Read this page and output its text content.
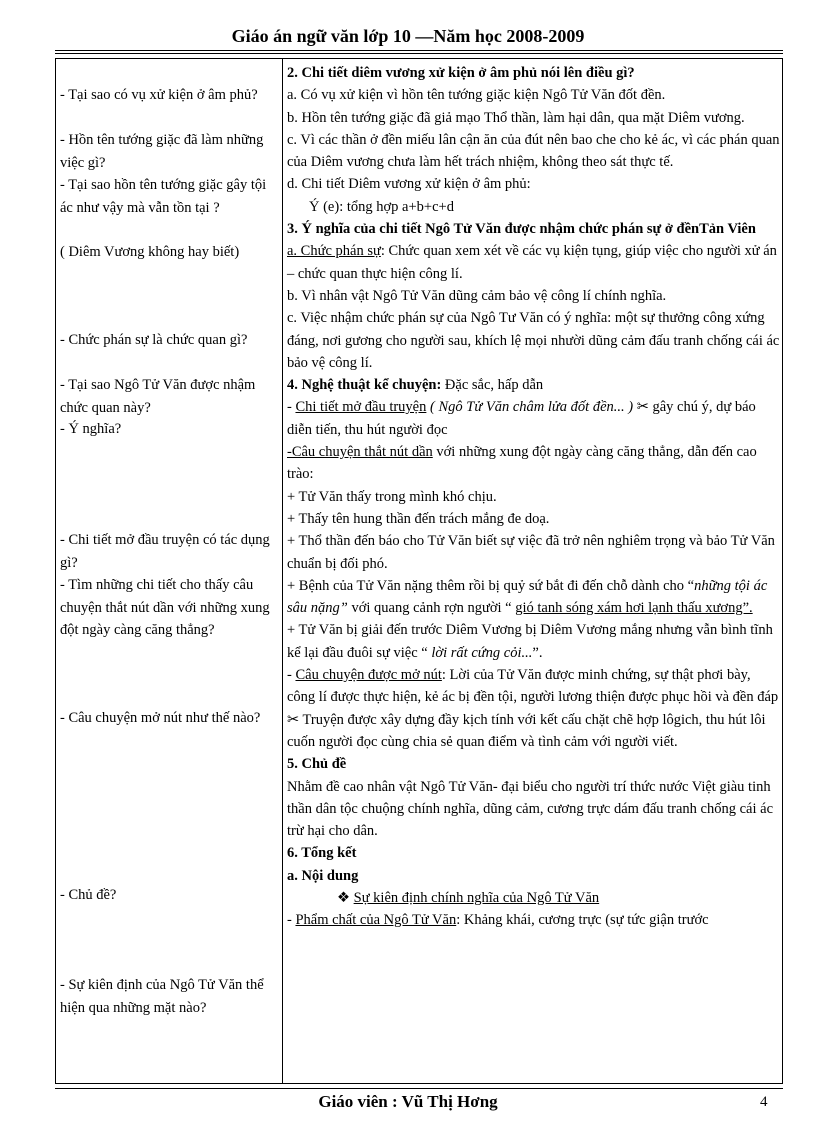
Giáo án ngữ văn lớp 10 —Năm học 2008-2009
- Tại sao có vụ xử kiện ở âm phủ?
- Hồn tên tướng giặc đã làm những việc gì?
- Tại sao hồn tên tướng giặc gây tội ác như vậy mà vẫn tồn tại ?
( Diêm Vương không hay biết)
- Chức phán sự là chức quan gì?
- Tại sao Ngô Tử Văn được nhậm chức quan này?
- Ý nghĩa?
- Chi tiết mở đầu truyện có tác dụng gì?
- Tìm những chi tiết cho thấy câu chuyện thắt nút dần với những xung đột ngày càng căng thẳng?
- Câu chuyện mở nút như thế nào?
- Chủ đề?
- Sự kiên định của Ngô Tử Văn thể hiện qua những mặt nào?

2. Chi tiết diêm vương xử kiện ở âm phủ nói lên điều gì?

a. Có vụ xử kiện vì hồn tên tướng giặc kiện Ngô Tử Văn đốt đền.

b. Hồn tên tướng giặc đã giả mạo Thổ thần, làm hại dân, qua mặt Diêm vương.

c. Vì các thần ở đền miếu lân cận ăn của đút nên bao che cho kẻ ác, vì các phán quan của Diêm vương chưa làm hết trách nhiệm, không theo sát thực tế.

d. Chi tiết Diêm vương xử kiện ở âm phủ:

Ý (e): tổng hợp a+b+c+d

3. Ý nghĩa của chi tiết Ngô Tử Văn được nhậm chức phán sự ở đềnTản Viên

a. Chức phán sự: Chức quan xem xét về các vụ kiện tụng, giúp việc cho người xử án – chức quan thực hiện công lí.

b. Vì nhân vật Ngô Tử Văn dũng cảm bảo vệ công lí chính nghĩa.

c. Việc nhậm chức phán sự của Ngô Tư Văn có ý nghĩa: một sự thưởng công xứng đáng, nơi gương cho người sau, khích lệ mọi nhười dũng cảm đấu tranh chống cái ác bảo vệ công lí.

4. Nghệ thuật kể chuyện: Đặc sắc, hấp dẫn

- Chi tiết mở đầu truyện ( Ngô Tử Văn châm lửa đốt đền... ) ✂ gây chú ý, dự báo diễn tiến, thu hút người đọc

-Câu chuyện thắt nút dần với những xung đột ngày càng căng thẳng, dẫn đến cao trào:

+ Tử Văn thấy trong mình khó chịu.

+ Thấy tên hung thần đến trách mắng đe doạ.

+ Thổ thần đến báo cho Tử Văn biết sự việc đã trở nên nghiêm trọng và bảo Tử Văn chuẩn bị đối phó.

+ Bệnh của Tử Văn nặng thêm rồi bị quỷ sứ bắt đi đến chỗ dành cho “những tội ác sâu nặng” với quang cảnh rợn người “ gió tanh sóng xám hơi lạnh thấu xương”.

+ Tử Văn bị giải đến trước Diêm Vương bị Diêm Vương mắng nhưng vẫn bình tĩnh kể lại đầu đuôi sự việc “ lời rất cứng cỏi...”.

- Câu chuyện được mở nút: Lời của Tử Văn được minh chứng, sự thật phơi bày, công lí được thực hiện, kẻ ác bị đền tội, người lương thiện được phục hồi và đền đáp

✂ Truyện được xây dựng đầy kịch tính với kết cấu chặt chẽ hợp lôgich, thu hút lôi cuốn người đọc cùng chia sẻ quan điểm và tình cảm với người viết.

5. Chủ đề

Nhằm đề cao nhân vật Ngô Tử Văn- đại biểu cho người trí thức nước Việt giàu tinh thần dân tộc chuộng chính nghĩa, dũng cảm, cương trực dám đấu tranh chống cái ác trừ hại cho dân.

6. Tổng kết

a. Nội dung

❖ Sự kiên định chính nghĩa của Ngô Tử Văn

- Phẩm chất của Ngô Tử Văn: Khảng khái, cương trực (sự tức giận trước

Giáo viên : Vũ Thị Hơng	4
